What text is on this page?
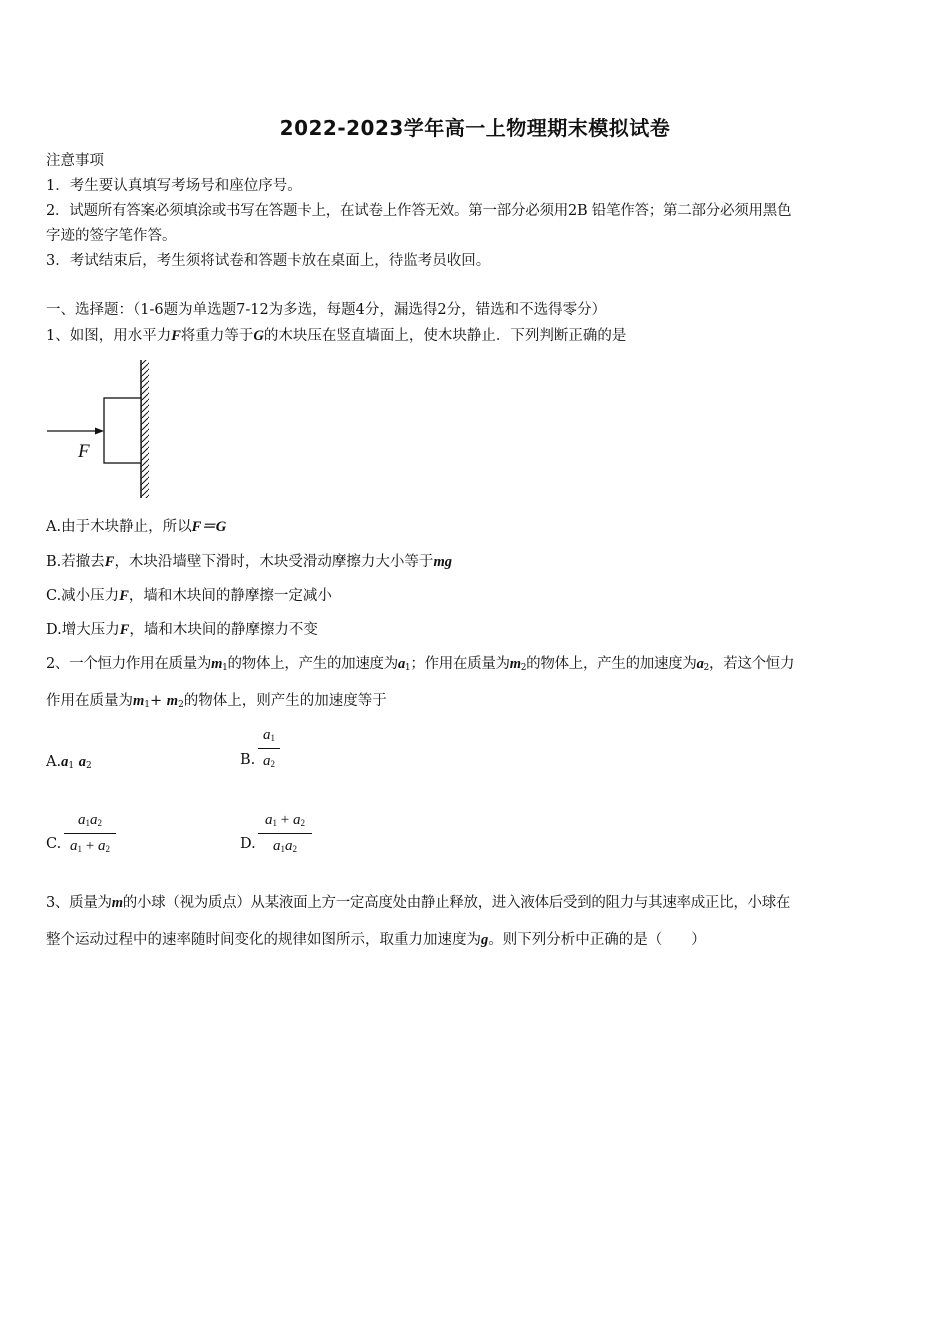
2022-2023学年高一上物理期末模拟试卷
注意事项
1．考生要认真填写考场号和座位序号。
2．试题所有答案必须填涂或书写在答题卡上，在试卷上作答无效。第一部分必须用2B 铅笔作答；第二部分必须用黑色
字迹的签字笔作答。
3．考试结束后，考生须将试卷和答题卡放在桌面上，待监考员收回。
一、选择题：（1-6题为单选题7-12为多选，每题4分，漏选得2分，错选和不选得零分）
1、如图，用水平力F将重力等于G的木块压在竖直墙面上，使木块静止．下列判断正确的是
F
A.由于木块静止，所以F＝G
B.若撤去F，木块沿墙壁下滑时，木块受滑动摩擦力大小等于mg
C.减小压力F，墙和木块间的静摩擦一定减小
D.增大压力F，墙和木块间的静摩擦力不变
2、一个恒力作用在质量为$m_1$的物体上，产生的加速度为$a_1$；作用在质量为$m_2$的物体上，产生的加速度为$a_2$，若这个恒力
作用在质量为$m_1+ m_2$的物体上，则产生的加速度等于
$A.a_1$ $a_2$	B.
$a_1$
$a_2$
C.
$a_1a_2$
$a_1 + a_2$	D.
$a_1 + a_2$
$a_1a_2$
3、质量为m的小球（视为质点）从某液面上方一定高度处由静止释放，进入液体后受到的阻力与其速率成正比，小球在
整个运动过程中的速率随时间变化的规律如图所示，取重力加速度为g。则下列分析中正确的是（　　）
